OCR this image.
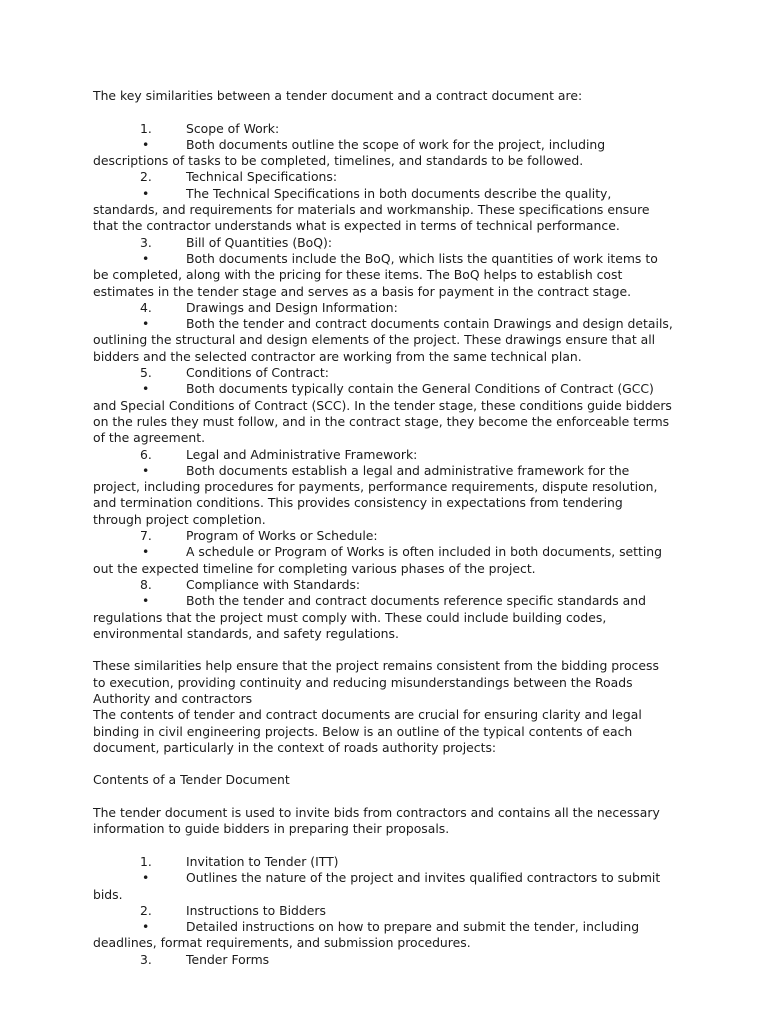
The key similarities between a tender document and a contract document are:

1.	Scope of Work:

•	Both documents outline the scope of work for the project, including descriptions of tasks to be completed, timelines, and standards to be followed.

2.	Technical Specifications:

•	The Technical Specifications in both documents describe the quality, standards, and requirements for materials and workmanship. These specifications ensure that the contractor understands what is expected in terms of technical performance.

3.	Bill of Quantities (BoQ):

•	Both documents include the BoQ, which lists the quantities of work items to be completed, along with the pricing for these items. The BoQ helps to establish cost estimates in the tender stage and serves as a basis for payment in the contract stage.

4.	Drawings and Design Information:

•	Both the tender and contract documents contain Drawings and design details, outlining the structural and design elements of the project. These drawings ensure that all bidders and the selected contractor are working from the same technical plan.

5.	Conditions of Contract:

•	Both documents typically contain the General Conditions of Contract (GCC) and Special Conditions of Contract (SCC). In the tender stage, these conditions guide bidders on the rules they must follow, and in the contract stage, they become the enforceable terms of the agreement.

6.	Legal and Administrative Framework:

•	Both documents establish a legal and administrative framework for the project, including procedures for payments, performance requirements, dispute resolution, and termination conditions. This provides consistency in expectations from tendering through project completion.

7.	Program of Works or Schedule:

•	A schedule or Program of Works is often included in both documents, setting out the expected timeline for completing various phases of the project.

8.	Compliance with Standards:

•	Both the tender and contract documents reference specific standards and regulations that the project must comply with. These could include building codes, environmental standards, and safety regulations.

These similarities help ensure that the project remains consistent from the bidding process to execution, providing continuity and reducing misunderstandings between the Roads Authority and contractors

The contents of tender and contract documents are crucial for ensuring clarity and legal binding in civil engineering projects. Below is an outline of the typical contents of each document, particularly in the context of roads authority projects:

Contents of a Tender Document

The tender document is used to invite bids from contractors and contains all the necessary information to guide bidders in preparing their proposals.

1.	Invitation to Tender (ITT)

•	Outlines the nature of the project and invites qualified contractors to submit bids.

2.	Instructions to Bidders

•	Detailed instructions on how to prepare and submit the tender, including deadlines, format requirements, and submission procedures.

3.	Tender Forms
